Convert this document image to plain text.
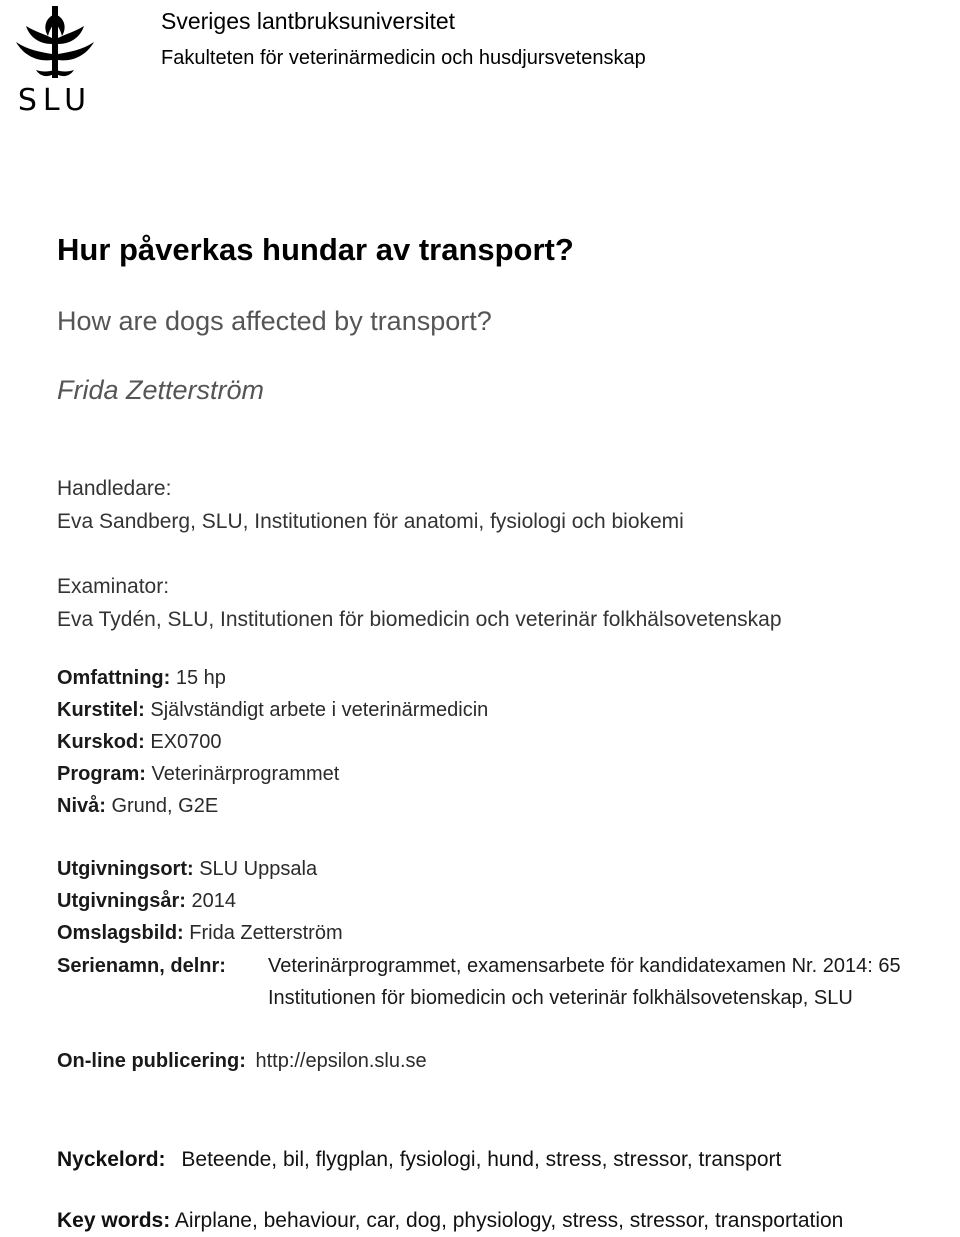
SLU
Sveriges lantbruksuniversitet
Fakulteten för veterinärmedicin och husdjursvetenskap
Hur påverkas hundar av transport?
How are dogs affected by transport?
Frida Zetterström
Handledare:
Eva Sandberg, SLU, Institutionen för anatomi, fysiologi och biokemi
Examinator:
Eva Tydén, SLU, Institutionen för biomedicin och veterinär folkhälsovetenskap
Omfattning: 15 hp
Kurstitel: Självständigt arbete i veterinärmedicin
Kurskod: EX0700
Program: Veterinärprogrammet
Nivå: Grund, G2E
Utgivningsort: SLU Uppsala
Utgivningsår: 2014
Omslagsbild: Frida Zetterström
Serienamn, delnr: Veterinärprogrammet, examensarbete för kandidatexamen Nr. 2014: 65
Institutionen för biomedicin och veterinär folkhälsovetenskap, SLU
On-line publicering: http://epsilon.slu.se
Nyckelord: Beteende, bil, flygplan, fysiologi, hund, stress, stressor, transport
Key words: Airplane, behaviour, car, dog, physiology, stress, stressor, transportation
